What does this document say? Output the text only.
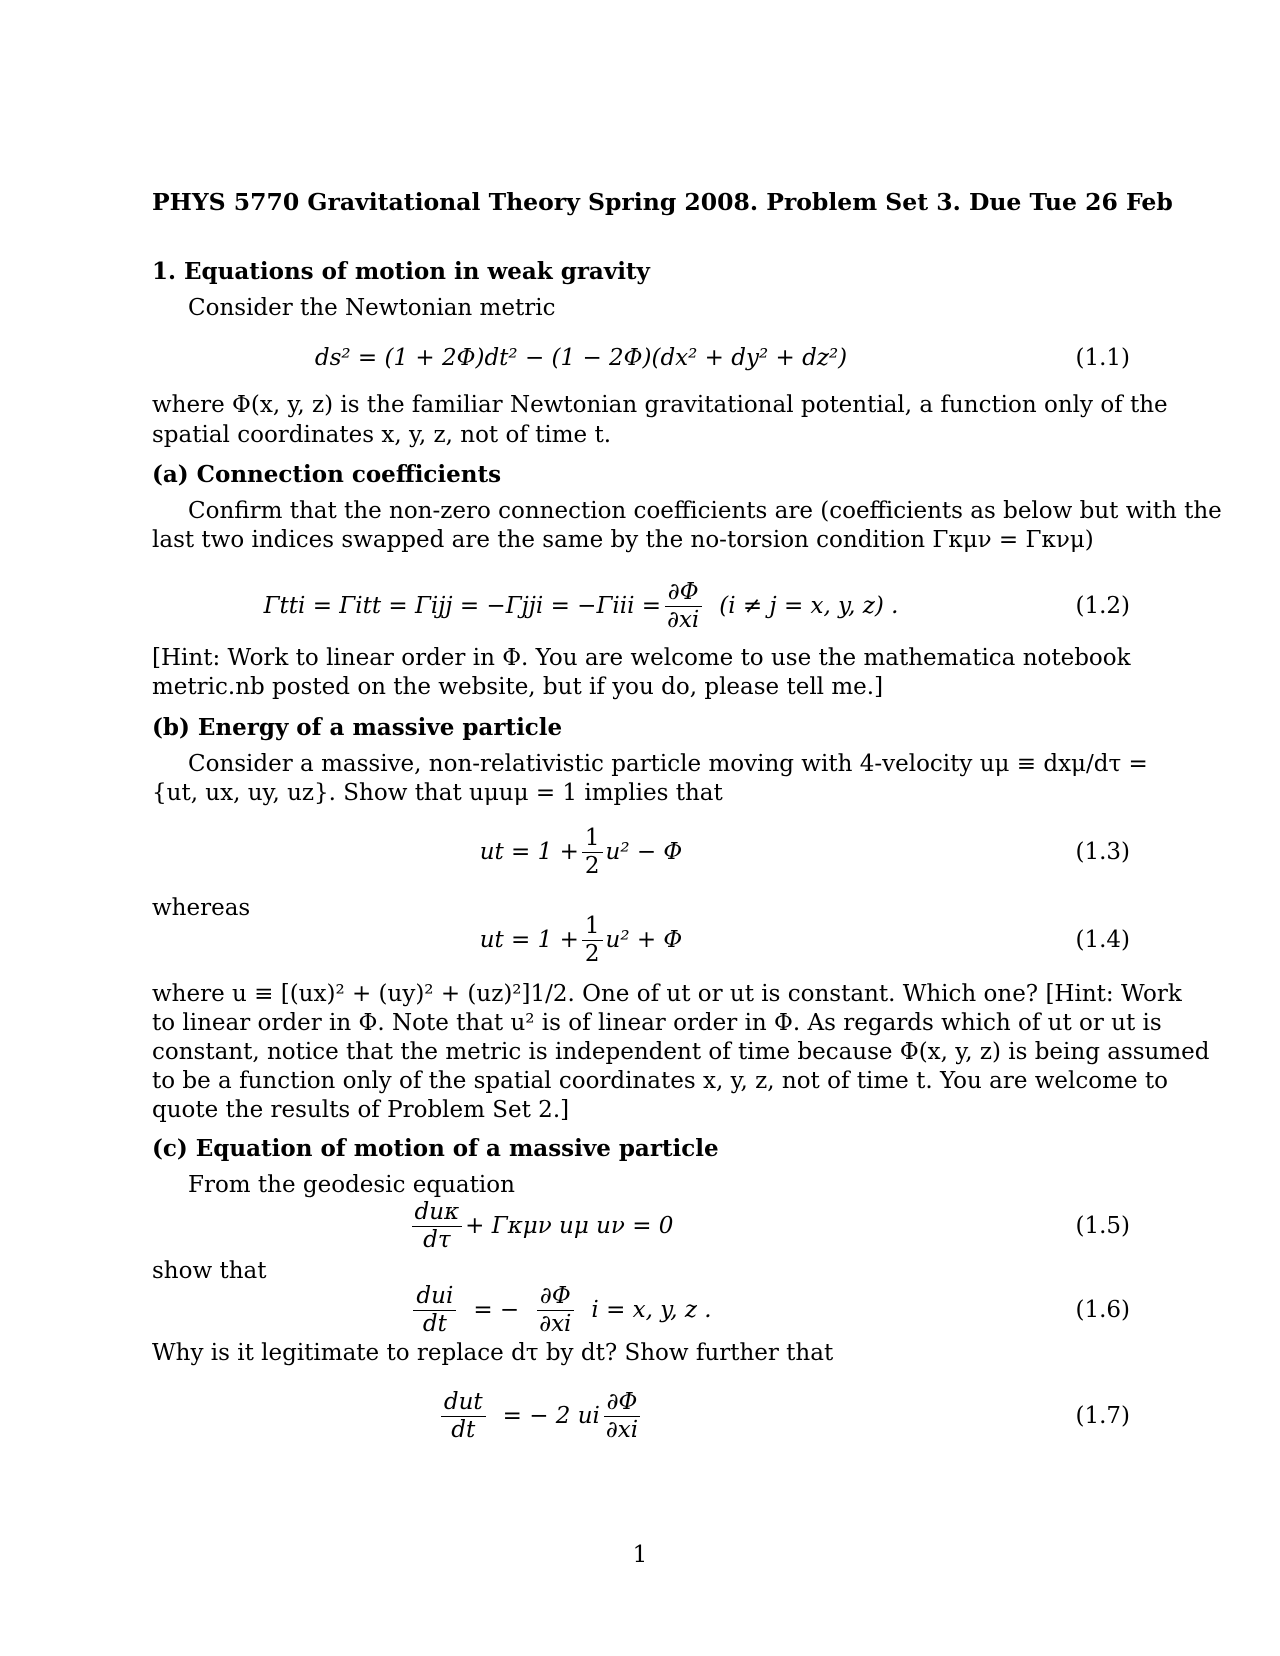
PHYS 5770 Gravitational Theory Spring 2008. Problem Set 3. Due Tue 26 Feb
1. Equations of motion in weak gravity
Consider the Newtonian metric
ds² = (1 + 2Φ)dt² − (1 − 2Φ)(dx² + dy² + dz²)	(1.1)
where Φ(x, y, z) is the familiar Newtonian gravitational potential, a function only of the
spatial coordinates x, y, z, not of time t.
(a) Connection coefficients
Confirm that the non-zero connection coefficients are (coefficients as below but with the
last two indices swapped are the same by the no-torsion condition Γκμν = Γκνμ)
$\Gamma tti = \Gamma itt = \Gamma ijj = -\Gamma jji = -\Gamma iii = \frac{\partial\Phi}{\partial xi} (i \ne j = x$, y, z) .	(1.2)
[Hint: Work to linear order in Φ. You are welcome to use the mathematica notebook
metric.nb posted on the website, but if you do, please tell me.]
(b) Energy of a massive particle
Consider a massive, non-relativistic particle moving with 4-velocity uμ ≡ dxμ/dτ =
{ut, ux, uy, uz}. Show that uμuμ = 1 implies that
ut = $1 + \frac{1}{2} u^2 - \Phi$	(1.3)
whereas
ut = $1 + \frac{1}{2} u^2 + \Phi$	(1.4)
where u ≡ [(ux)² + (uy)² + (uz)²]1/2. One of ut or ut is constant. Which one? [Hint: Work
to linear order in Φ. Note that u² is of linear order in Φ. As regards which of ut or ut is
constant, notice that the metric is independent of time because Φ(x, y, z) is being assumed
to be a function only of the spatial coordinates x, y, z, not of time t. You are welcome to
quote the results of Problem Set 2.]
(c) Equation of motion of a massive particle
From the geodesic equation
$\frac{\text{duκ}}{d\tau} + \Gamma\kappa\mu\nu$ uμ uν = 0	(1.5)
show that
$\frac{\text{dui}}{dt}$ = − $\frac{\partial\Phi}{\partial xi}$ i = x, y, z .	(1.6)
Why is it legitimate to replace dτ by dt? Show further that
$\frac{\text{dut}}{dt}$ = − 2 ui $\frac{\partial\Phi}{\partial xi}$	(1.7)
1
